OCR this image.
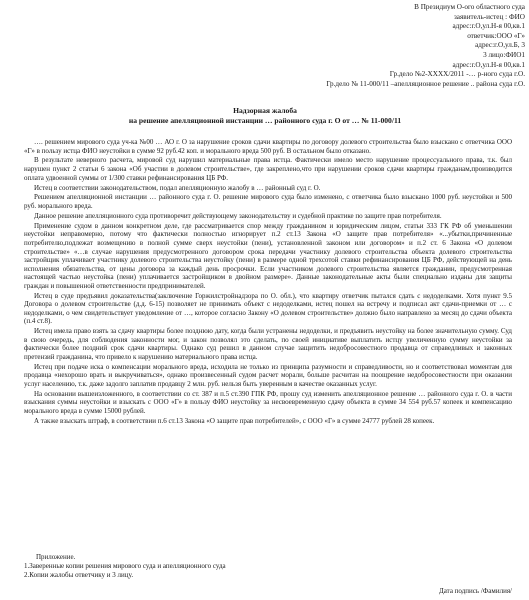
В Президиум О-ого областного суда
заявитель-истец : ФИО
адрес:г.О,ул.Н-я 00,кв.1
ответчик:ООО «Г»
адрес:г.О,ул.Б, 3
3 лицо:ФИО1
адрес:г.О,ул.Н-я 00,кв.1
Гр.дело №2-ХХХХ/2011 -… р-ного суда г.О.
Гр.дело № 11-000/11 –апелляционное решение .. района суда г.О.
Надзорная жалоба
на решение апелляционной инстанции … районного суда г. О от … № 11-000/11

…. решением мирового суда уч-ка №00 … АО г. О за нарушение сроков сдачи квартиры по договору долевого строительства было взыскано с ответчика ООО «Г» в пользу истца ФИО неустойки в сумме 92 руб.42 коп. и морального вреда 500 руб. В остальном было отказано.

В результате неверного расчета, мировой суд нарушил материальные права истца. Фактически имело место нарушение процессуального права, т.к. был нарушен пункт 2 статьи 6 закона «Об участии в долевом строительстве», где закреплено,что при нарушении сроков сдачи квартиры гражданам,производится оплата удвоенной суммы от 1/300 ставки рефинансирования ЦБ РФ.

Истец в соответствии законодательством, подал апелляционную жалобу в … районный суд г. О.

Решением апелляционной инстанции … районного суда г. О. решение мирового суда было изменено, с ответчика было взыскано 1000 руб. неустойки и 500 руб. морального вреда.

Данное решение апелляционного суда противоречит действующему законодательству и судебной практике по защите прав потребителя.

Применение судом в данном конкретном деле, где рассматривается спор между гражданином и юридическим лицом, статьи 333 ГК РФ об уменьшении неустойки неправомерно, потому что фактически полностью игнорирует п.2 ст.13 Закона «О защите прав потребителя» «...убытки,причиненные потребителю,подлежат возмещению в полной сумме сверх неустойки (пени), установленной законом или договором» и п.2 ст. 6 Закона «О долевом строительстве» «…в случае нарушения предусмотренного договором срока передачи участнику долевого строительства объекта долевого строительства застройщик уплачивает участнику долевого строительства неустойку (пени) в размере одной трехсотой ставки рефинансирования ЦБ РФ, действующей на день исполнения обязательства, от цены договора за каждый день просрочки. Если участником долевого строительства является гражданин, предусмотренная настоящей частью неустойка (пени) уплачивается застройщиком в двойном размере». Данные законодательные акты были специально изданы для защиты граждан и повышенной ответственности предпринимателей.

Истец в суде предъявил доказательства(заключение Горжилстройнадзора по О. обл.), что квартиру ответчик пытался сдать с недоделками. Хотя пункт 9.5 Договора о долевом строительстве (д.д. 6-15) позволяет не принимать объект с недоделками, истец пошел на встречу и подписал акт сдачи-приемки от … с недоделками, о чем свидетельствует уведомление от …, которое согласно Закону «О долевом строительстве» должно было направлено за месяц до сдачи объекта (п.4 ст.8).

Истец имела право взять за сдачу квартиры более позднюю дату, когда были устранены недоделки, и предъявить неустойку на более значительную сумму. Суд в свою очередь, для соблюдения законности мог, и закон позволял это сделать, по своей инициативе выплатить истцу увеличенную сумму неустойки за фактически более поздний срок сдачи квартиры. Однако суд решил в данном случае защитить недобросовестного продавца от справедливых и законных претензий гражданина, что привело к нарушению материального права истца.

Истец при подаче иска о компенсации морального вреда, исходила не только из принципа разумности и справедливости, но и соответствовал моментам для продавца «нехорошо врать и выкручиваться», однако произвесенный судом расчет морали, больше расчитан на поощрение недобросовестности при оказании услуг населению, т.к. даже задолго заплатив продавцу 2 млн. руб. нельзя быть уверенным в качестве оказанных услуг.

На основании вышеизложенного, в соответствии со ст. 387 и п.5 ст.390 ГПК РФ, прошу суд изменить апелляционное решение … районного суда г. О. в части взыскания суммы неустойки и взыскать с ООО «Г» в пользу ФИО неустойку за несвоевременную сдачу объекта в сумме 34 554 руб.57 копеек и компенсацию морального вреда в сумме 15000 рублей.

А также взыскать штраф, в соответствии п.6 ст.13 Закона «О защите прав потребителей», с ООО «Г» в сумме 24777 рублей 28 копеек.

Приложение.
1.Заверенные копии решения мирового суда и апелляционного суда
2.Копии жалобы ответчику и 3 лицу.
Дата подпись /Фамилия/
